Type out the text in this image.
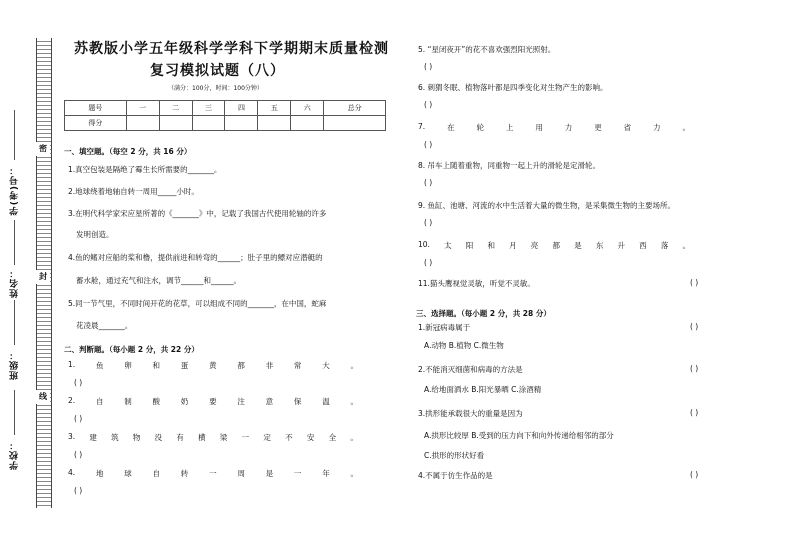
密
封
线
学(考)号：
姓名：
班级：
学校：
苏教版小学五年级科学学科下学期期末质量检测
复习模拟试题（八）
（满分：100分，时间：100分钟）
题号	一	二	三	四	五	六	总分
得分							
一、填空题。（每空 2 分，共 16 分）
1.真空包装是隔绝了霉生长所需要的_______。
2.地球绕着地轴自转一周用_____小时。
3.在明代科学家宋应星所著的《_______》中，记载了我国古代使用轮轴的许多
发明创造。
4.鱼的鳍对应船的桨和橹，提供前进和转弯的______；肚子里的鳔对应潜艇的
蓄水舱，通过充气和注水，调节______和______。
5.同一节气里，不同时间开花的花草，可以组成不同的_______，在中国，蛇麻
花凌晨_______。
二、判断题。（每小题 2 分，共 22 分）
1.	鱼	卵	和	蛋	黄	都	非	常	大	。
( )
2.	自	制	酸	奶	要	注	意	保	温	。
( )
3. 建 筑 物 没 有 横 梁 一 定 不 安 全 。
( )
4.	地	球	自	转	一	周	是	一	年	。
( )
5. “星闭夜开”的花不喜欢强烈阳光照射。
( )
6. 刺猬冬眠、植物落叶都是四季变化对生物产生的影响。
( )
7.	在	轮	上	用	力	更	省	力	。
( )
8. 吊车上随着重物，同重物一起上升的滑轮是定滑轮。
( )
9. 鱼缸、池塘、河流的水中生活着大量的微生物，是采集微生物的主要场所。
( )
10. 太 阳 和 月 亮 都 是 东 升 西 落 。
( )
11.猫头鹰视觉灵敏，听觉不灵敏。	( )
三、选择题。（每小题 2 分，共 28 分）
1.新冠病毒属于	( )
A.动物 B.植物 C.微生物
2.不能消灭细菌和病毒的方法是	( )
A.给地面洒水 B.阳光暴晒 C.涂酒精
3.拱形能承载很大的重量是因为	( )
A.拱形比较厚 B.受到的压力向下和向外传递给相邻的部分
C.拱形的形状好看
4.不属于仿生作品的是	( )
